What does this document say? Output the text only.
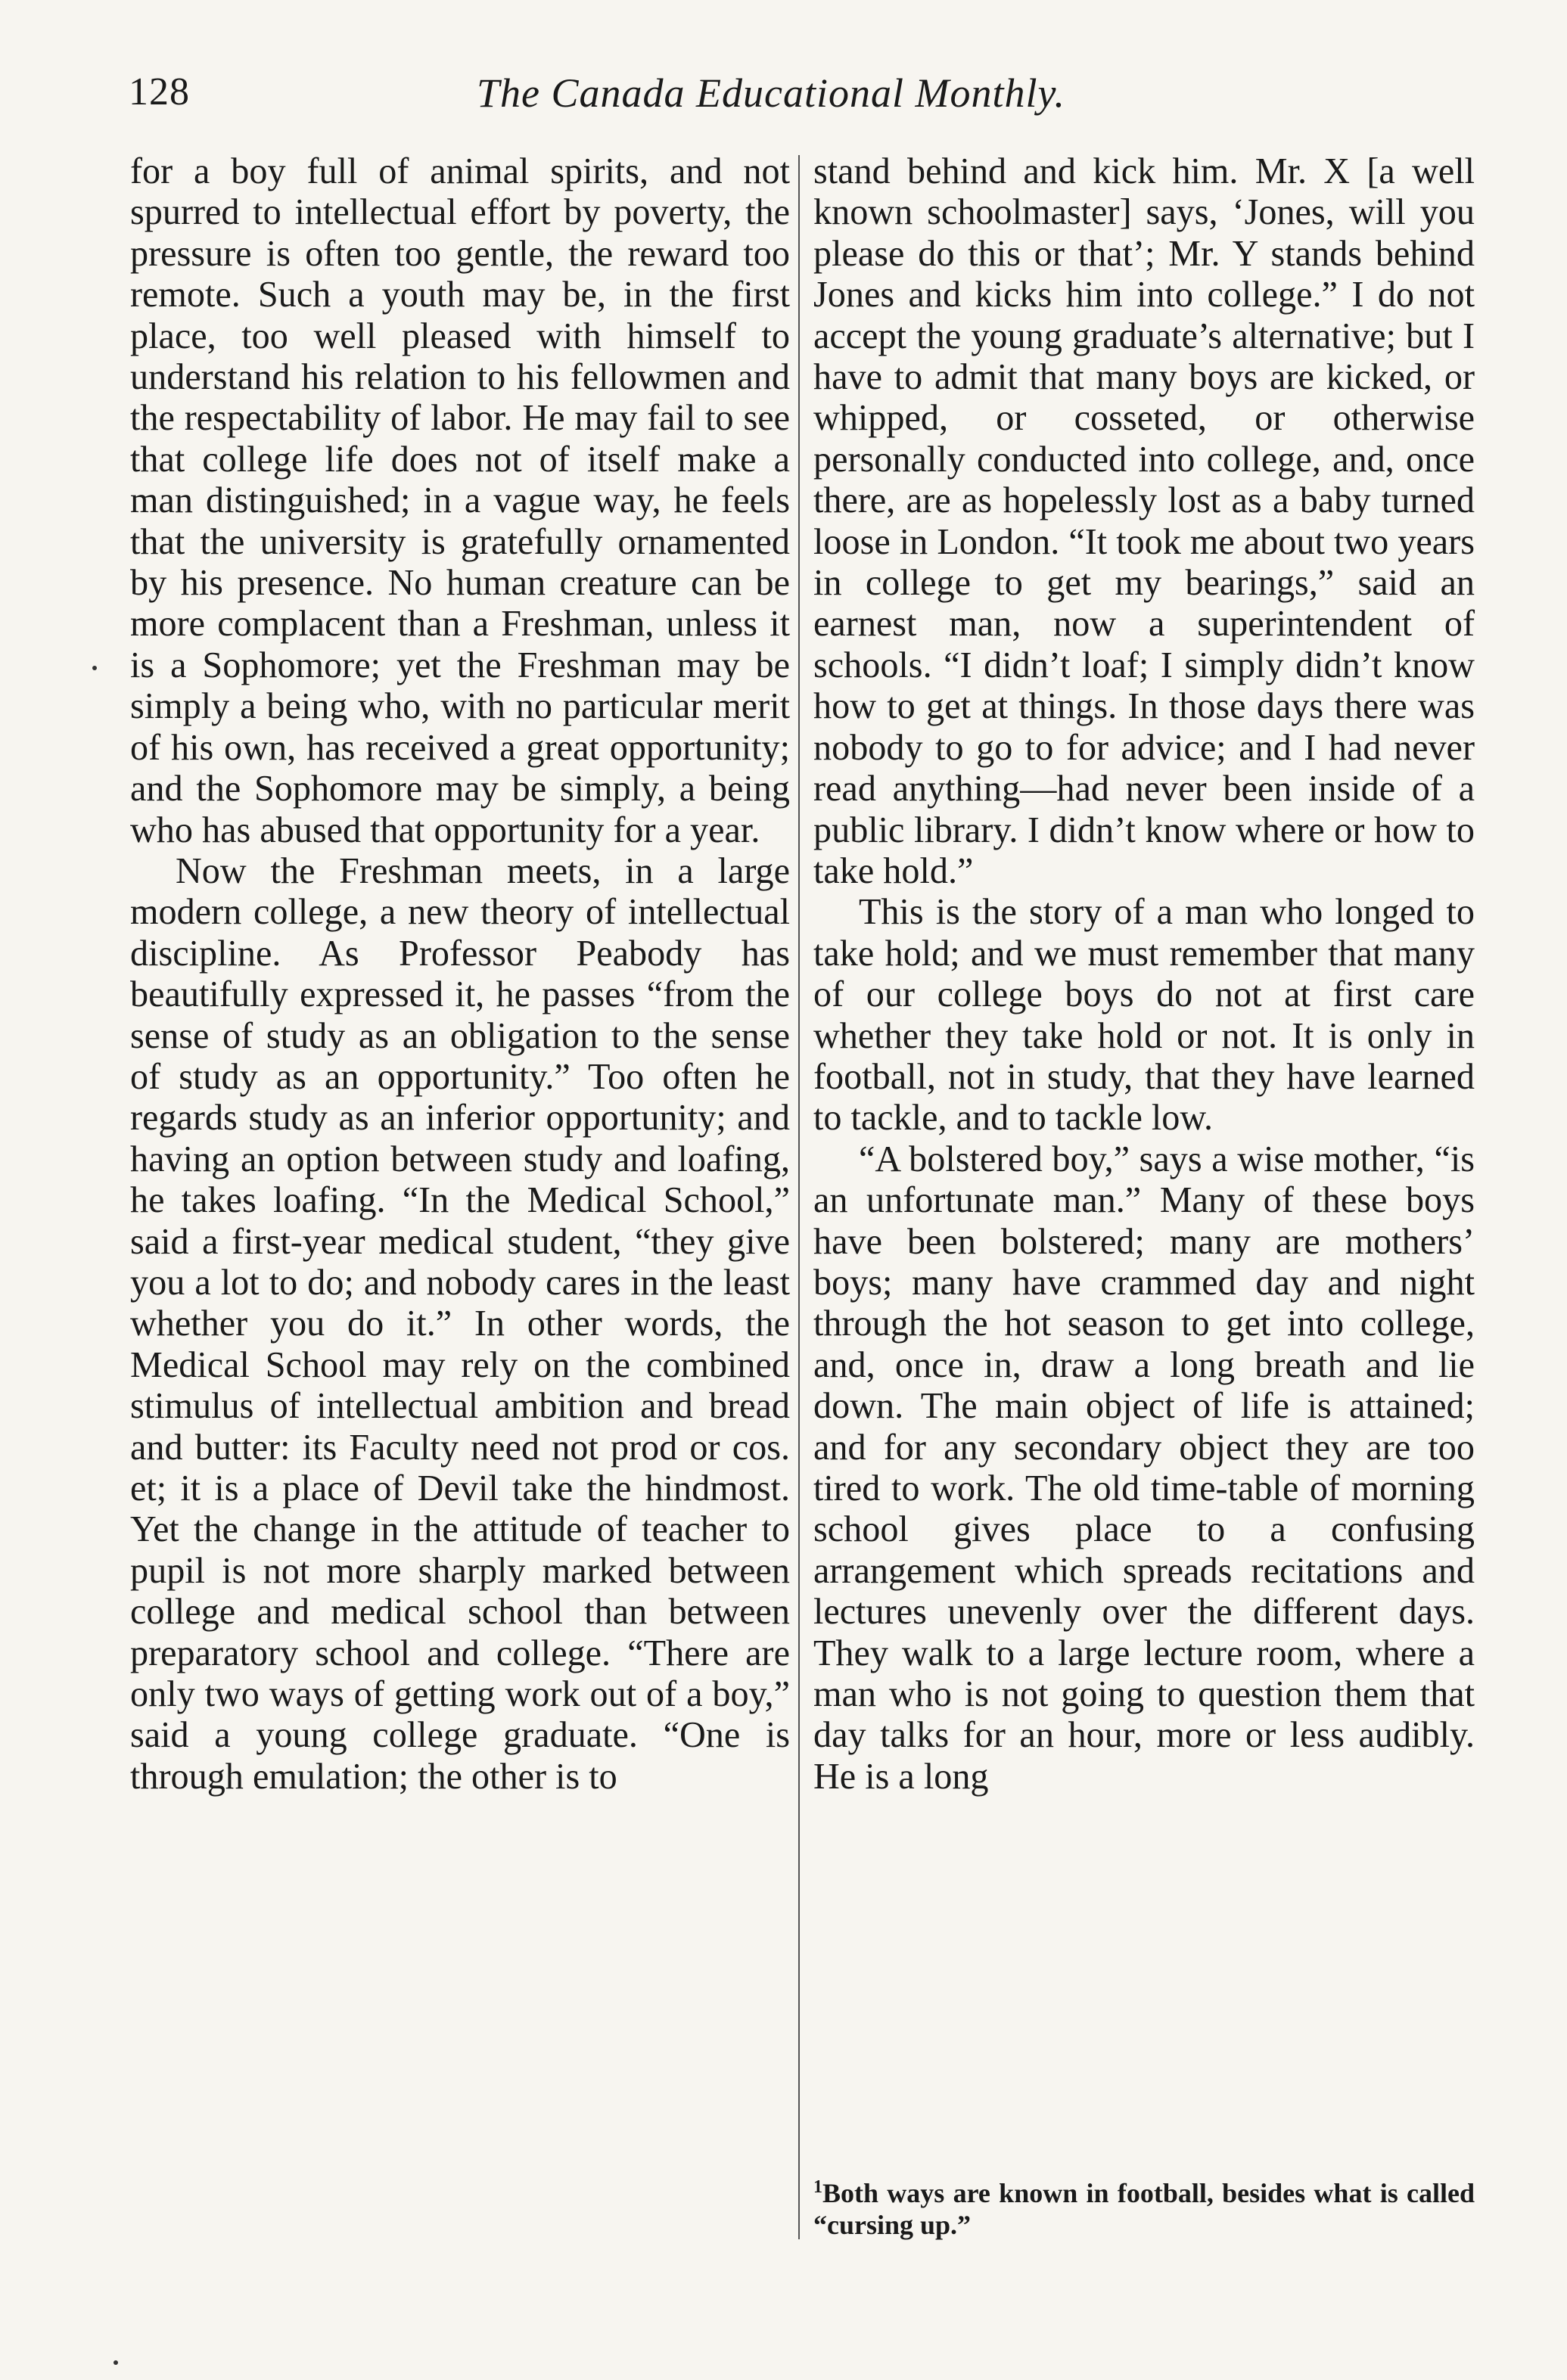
128	The Canada Educational Monthly.

for a boy full of animal spirits, and not spurred to intellectual effort by poverty, the pressure is often too gentle, the reward too remote. Such a youth may be, in the first place, too well pleased with himself to understand his relation to his fellowmen and the respectability of labor. He may fail to see that college life does not of itself make a man distinguished; in a vague way, he feels that the university is gratefully ornamented by his presence. No human creature can be more complacent than a Freshman, unless it is a Sophomore; yet the Freshman may be simply a being who, with no particular merit of his own, has received a great opportunity; and the Sophomore may be simply, a being who has abused that opportunity for a year.

Now the Freshman meets, in a large modern college, a new theory of intellectual discipline. As Professor Peabody has beautifully expressed it, he passes “from the sense of study as an obligation to the sense of study as an opportunity.” Too often he regards study as an inferior opportunity; and having an option between study and loafing, he takes loafing. “In the Medical School,” said a first-year medical student, “they give you a lot to do; and nobody cares in the least whether you do it.” In other words, the Medical School may rely on the combined stimulus of intellectual ambition and bread and butter: its Faculty need not prod or cos. et; it is a place of Devil take the hindmost. Yet the change in the attitude of teacher to pupil is not more sharply marked between college and medical school than between preparatory school and college. “There are only two ways of getting work out of a boy,” said a young college graduate. “One is through emulation; the other is to

stand behind and kick him. Mr. X [a well known schoolmaster] says, ‘Jones, will you please do this or that’; Mr. Y stands behind Jones and kicks him into college.” I do not accept the young graduate’s alternative; but I have to admit that many boys are kicked, or whipped, or cosseted, or otherwise personally conducted into college, and, once there, are as hopelessly lost as a baby turned loose in London. “It took me about two years in college to get my bearings,” said an earnest man, now a superintendent of schools. “I didn’t loaf; I simply didn’t know how to get at things. In those days there was nobody to go to for advice; and I had never read anything—had never been inside of a public library. I didn’t know where or how to take hold.”

This is the story of a man who longed to take hold; and we must remember that many of our college boys do not at first care whether they take hold or not. It is only in football, not in study, that they have learned to tackle, and to tackle low.

“A bolstered boy,” says a wise mother, “is an unfortunate man.” Many of these boys have been bolstered; many are mothers’ boys; many have crammed day and night through the hot season to get into college, and, once in, draw a long breath and lie down. The main object of life is attained; and for any secondary object they are too tired to work. The old time-table of morning school gives place to a confusing arrangement which spreads recitations and lectures unevenly over the different days. They walk to a large lecture room, where a man who is not going to question them that day talks for an hour, more or less audibly. He is a long

$^1$Both ways are known in football, besides what is called “cursing up.”
